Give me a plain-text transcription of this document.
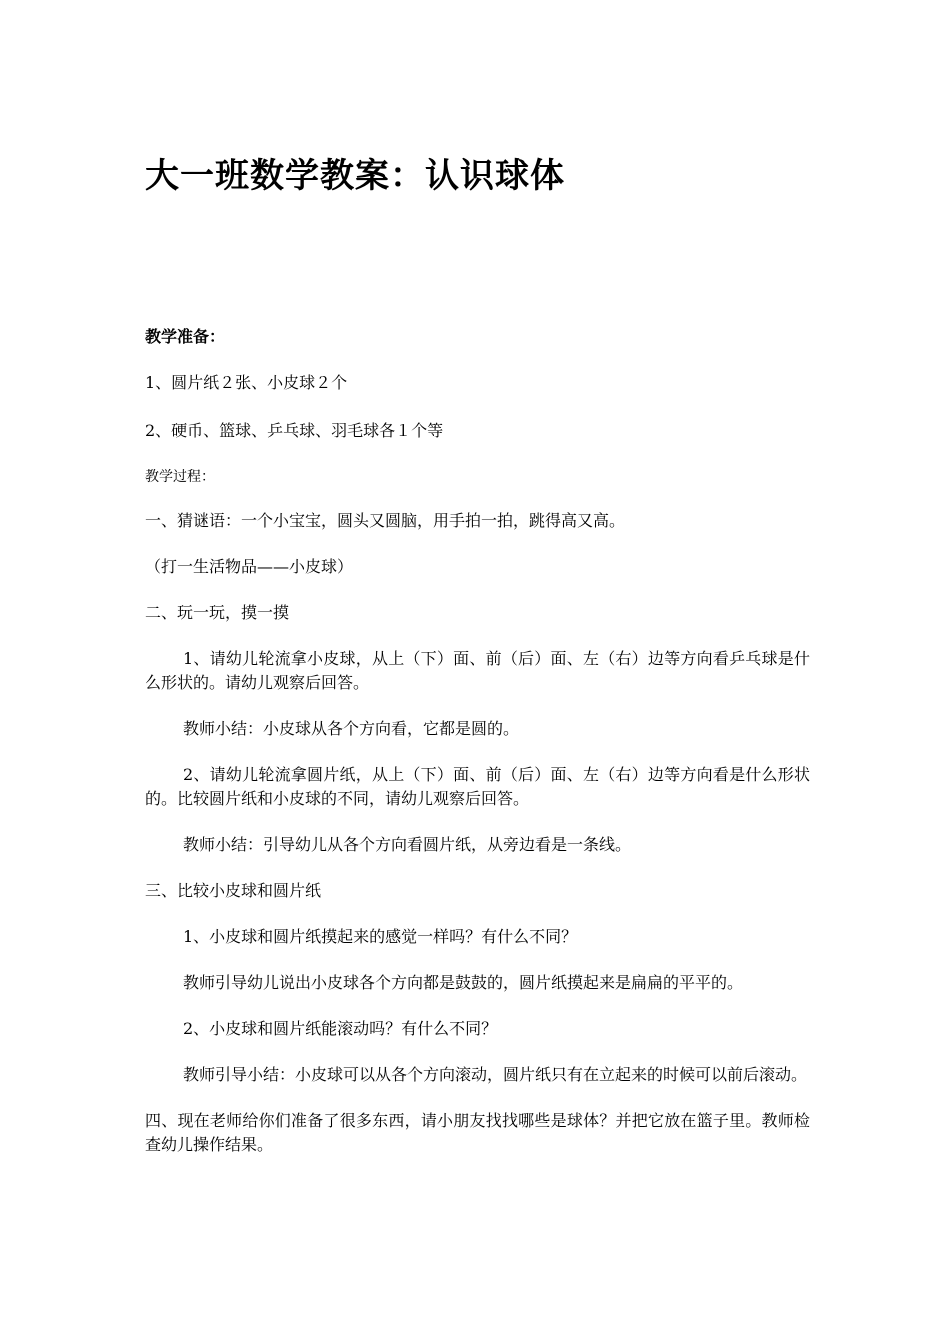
大一班数学教案：认识球体

教学准备：

1、圆片纸２张、小皮球２个

2、硬币、篮球、乒乓球、羽毛球各１个等

教学过程：

一、猜谜语：一个小宝宝，圆头又圆脑，用手拍一拍，跳得高又高。

（打一生活物品——小皮球）

二、玩一玩，摸一摸

1、请幼儿轮流拿小皮球，从上（下）面、前（后）面、左（右）边等方向看乒乓球是什么形状的。请幼儿观察后回答。

教师小结：小皮球从各个方向看，它都是圆的。

2、请幼儿轮流拿圆片纸，从上（下）面、前（后）面、左（右）边等方向看是什么形状的。比较圆片纸和小皮球的不同，请幼儿观察后回答。

教师小结：引导幼儿从各个方向看圆片纸，从旁边看是一条线。

三、比较小皮球和圆片纸

1、小皮球和圆片纸摸起来的感觉一样吗？有什么不同？

教师引导幼儿说出小皮球各个方向都是鼓鼓的，圆片纸摸起来是扁扁的平平的。

2、小皮球和圆片纸能滚动吗？有什么不同？

教师引导小结：小皮球可以从各个方向滚动，圆片纸只有在立起来的时候可以前后滚动。

四、现在老师给你们准备了很多东西，请小朋友找找哪些是球体？并把它放在篮子里。教师检查幼儿操作结果。
